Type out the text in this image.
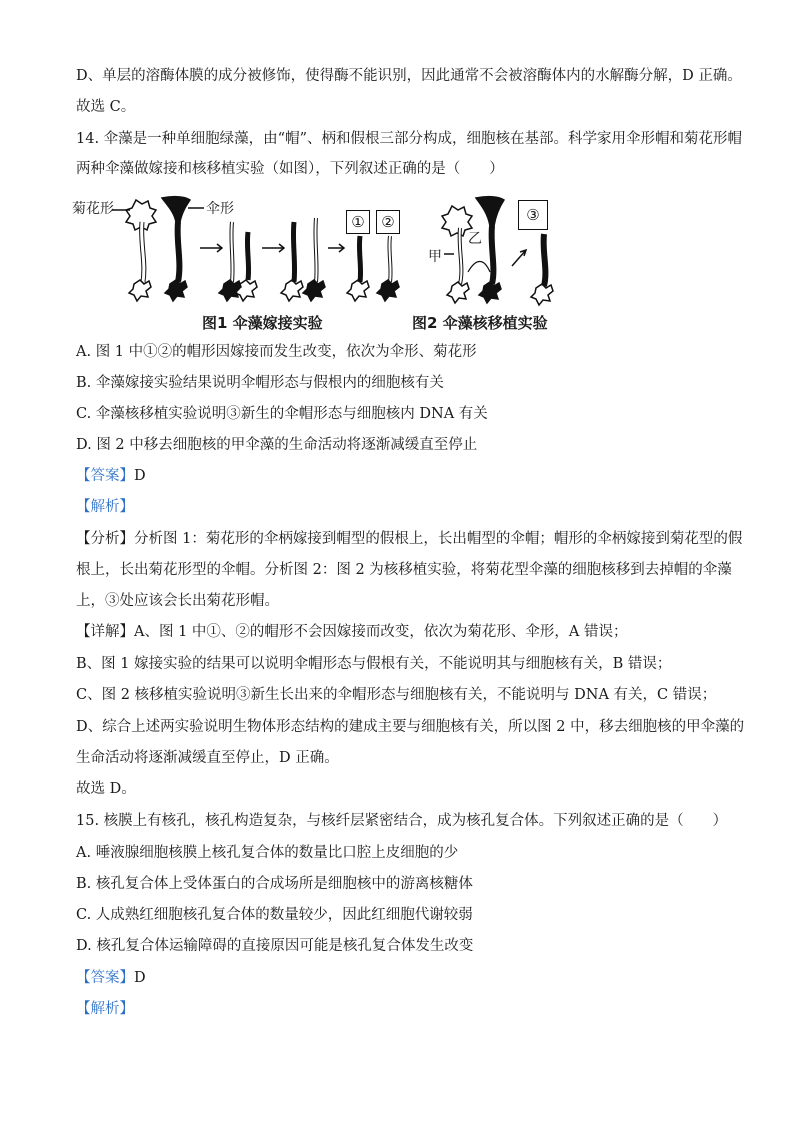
D、单层的溶酶体膜的成分被修饰，使得酶不能识别，因此通常不会被溶酶体内的水解酶分解，D 正确。
故选 C。
14. 伞藻是一种单细胞绿藻，由“帽”、柄和假根三部分构成，细胞核在基部。科学家用伞形帽和菊花形帽
两种伞藻做嫁接和核移植实验（如图），下列叙述正确的是（　　）
菊花形	伞形
①	②	③
甲
乙
图1 伞藻嫁接实验	图2 伞藻核移植实验
A. 图 1 中①②的帽形因嫁接而发生改变，依次为伞形、菊花形
B. 伞藻嫁接实验结果说明伞帽形态与假根内的细胞核有关
C. 伞藻核移植实验说明③新生的伞帽形态与细胞核内 DNA 有关
D. 图 2 中移去细胞核的甲伞藻的生命活动将逐渐减缓直至停止
【答案】D
【解析】
【分析】分析图 1：菊花形的伞柄嫁接到帽型的假根上，长出帽型的伞帽；帽形的伞柄嫁接到菊花型的假
根上，长出菊花形型的伞帽。分析图 2：图 2 为核移植实验，将菊花型伞藻的细胞核移到去掉帽的伞藻
上，③处应该会长出菊花形帽。
【详解】A、图 1 中①、②的帽形不会因嫁接而改变，依次为菊花形、伞形，A 错误；
B、图 1 嫁接实验的结果可以说明伞帽形态与假根有关，不能说明其与细胞核有关，B 错误；
C、图 2 核移植实验说明③新生长出来的伞帽形态与细胞核有关，不能说明与 DNA 有关，C 错误；
D、综合上述两实验说明生物体形态结构的建成主要与细胞核有关，所以图 2 中，移去细胞核的甲伞藻的
生命活动将逐渐减缓直至停止，D 正确。
故选 D。
15. 核膜上有核孔，核孔构造复杂，与核纤层紧密结合，成为核孔复合体。下列叙述正确的是（　　）
A. 唾液腺细胞核膜上核孔复合体的数量比口腔上皮细胞的少
B. 核孔复合体上受体蛋白的合成场所是细胞核中的游离核糖体
C. 人成熟红细胞核孔复合体的数量较少，因此红细胞代谢较弱
D. 核孔复合体运输障碍的直接原因可能是核孔复合体发生改变
【答案】D
【解析】
